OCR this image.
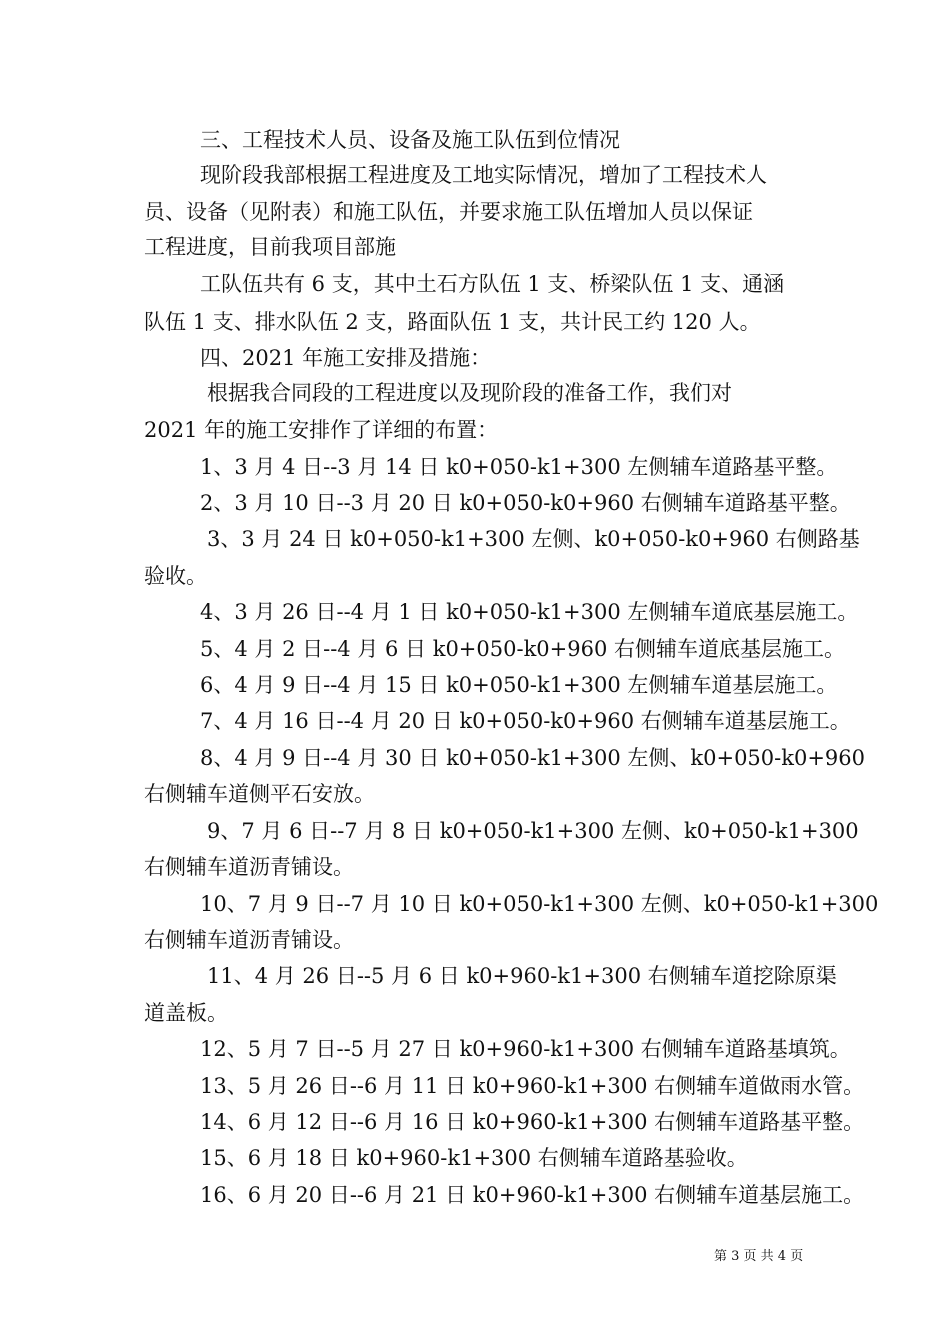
三、工程技术人员、设备及施工队伍到位情况

现阶段我部根据工程进度及工地实际情况，增加了工程技术人

员、设备（见附表）和施工队伍，并要求施工队伍增加人员以保证

工程进度，目前我项目部施

工队伍共有 6 支，其中土石方队伍 1 支、桥梁队伍 1 支、通涵

队伍 1 支、排水队伍 2 支，路面队伍 1 支，共计民工约 120 人。

四、2021 年施工安排及措施：

根据我合同段的工程进度以及现阶段的准备工作，我们对

2021 年的施工安排作了详细的布置：

1、3 月 4 日--3 月 14 日 k0+050-k1+300 左侧辅车道路基平整。

2、3 月 10 日--3 月 20 日 k0+050-k0+960 右侧辅车道路基平整。

3、3 月 24 日 k0+050-k1+300 左侧、k0+050-k0+960 右侧路基

验收。

4、3 月 26 日--4 月 1 日 k0+050-k1+300 左侧辅车道底基层施工。

5、4 月 2 日--4 月 6 日 k0+050-k0+960 右侧辅车道底基层施工。

6、4 月 9 日--4 月 15 日 k0+050-k1+300 左侧辅车道基层施工。

7、4 月 16 日--4 月 20 日 k0+050-k0+960 右侧辅车道基层施工。

8、4 月 9 日--4 月 30 日 k0+050-k1+300 左侧、k0+050-k0+960

右侧辅车道侧平石安放。

9、7 月 6 日--7 月 8 日 k0+050-k1+300 左侧、k0+050-k1+300

右侧辅车道沥青铺设。

10、7 月 9 日--7 月 10 日 k0+050-k1+300 左侧、k0+050-k1+300

右侧辅车道沥青铺设。

11、4 月 26 日--5 月 6 日 k0+960-k1+300 右侧辅车道挖除原渠

道盖板。

12、5 月 7 日--5 月 27 日 k0+960-k1+300 右侧辅车道路基填筑。

13、5 月 26 日--6 月 11 日 k0+960-k1+300 右侧辅车道做雨水管。

14、6 月 12 日--6 月 16 日 k0+960-k1+300 右侧辅车道路基平整。

15、6 月 18 日 k0+960-k1+300 右侧辅车道路基验收。

16、6 月 20 日--6 月 21 日 k0+960-k1+300 右侧辅车道基层施工。

第 3 页 共 4 页
